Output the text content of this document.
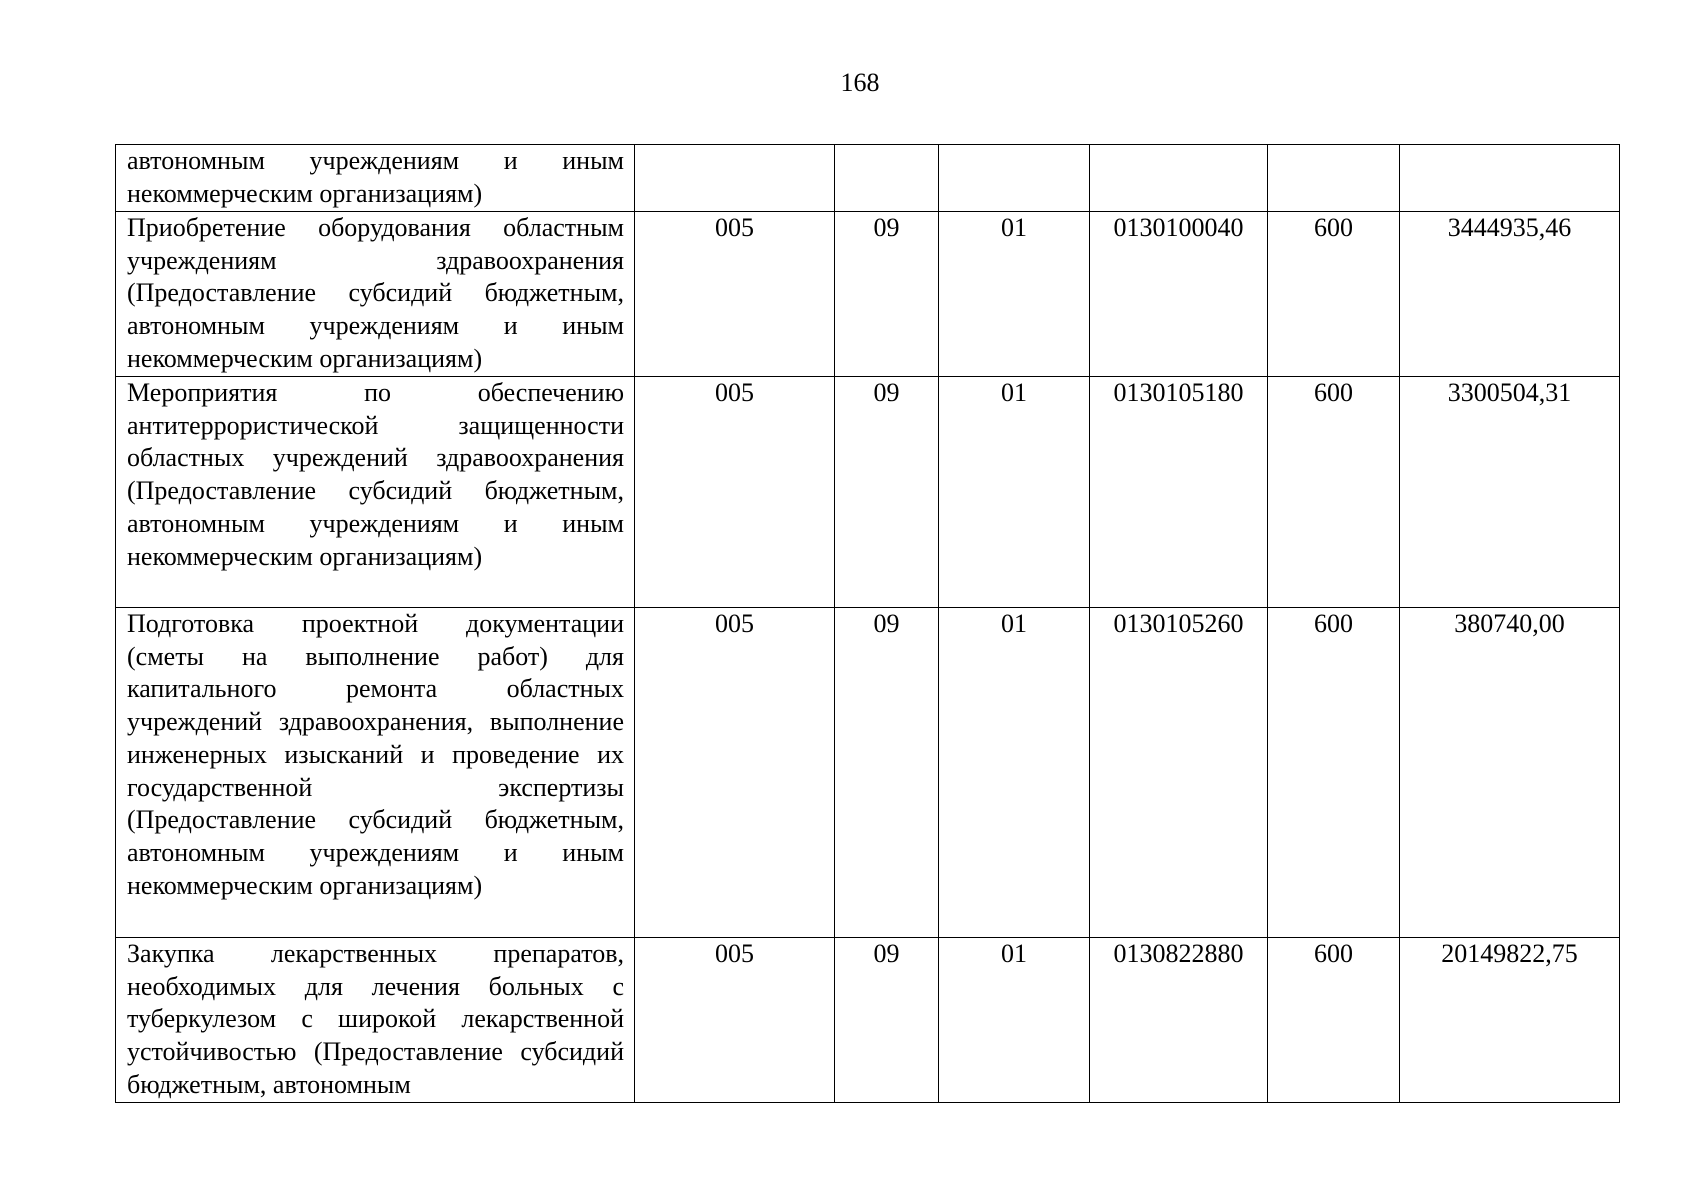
168
автономным учреждениям и иным некоммерческим организациям)						
Приобретение оборудования областным учреждениям здравоохранения (Предоставление субсидий бюджетным, автономным учреждениям и иным некоммерческим организациям)	005	09	01	0130100040	600	3444935,46
Мероприятия по обеспечению антитеррористической защищенности областных учреждений здравоохранения (Предоставление субсидий бюджетным, автономным учреждениям и иным некоммерческим организациям)	005	09	01	0130105180	600	3300504,31
Подготовка проектной документации (сметы на выполнение работ) для капитального ремонта областных учреждений здравоохранения, выполнение инженерных изысканий и проведение их государственной экспертизы (Предоставление субсидий бюджетным, автономным учреждениям и иным некоммерческим организациям)	005	09	01	0130105260	600	380740,00
Закупка лекарственных препаратов, необходимых для лечения больных с туберкулезом с широкой лекарственной устойчивостью (Предоставление субсидий бюджетным, автономным	005	09	01	0130822880	600	20149822,75
